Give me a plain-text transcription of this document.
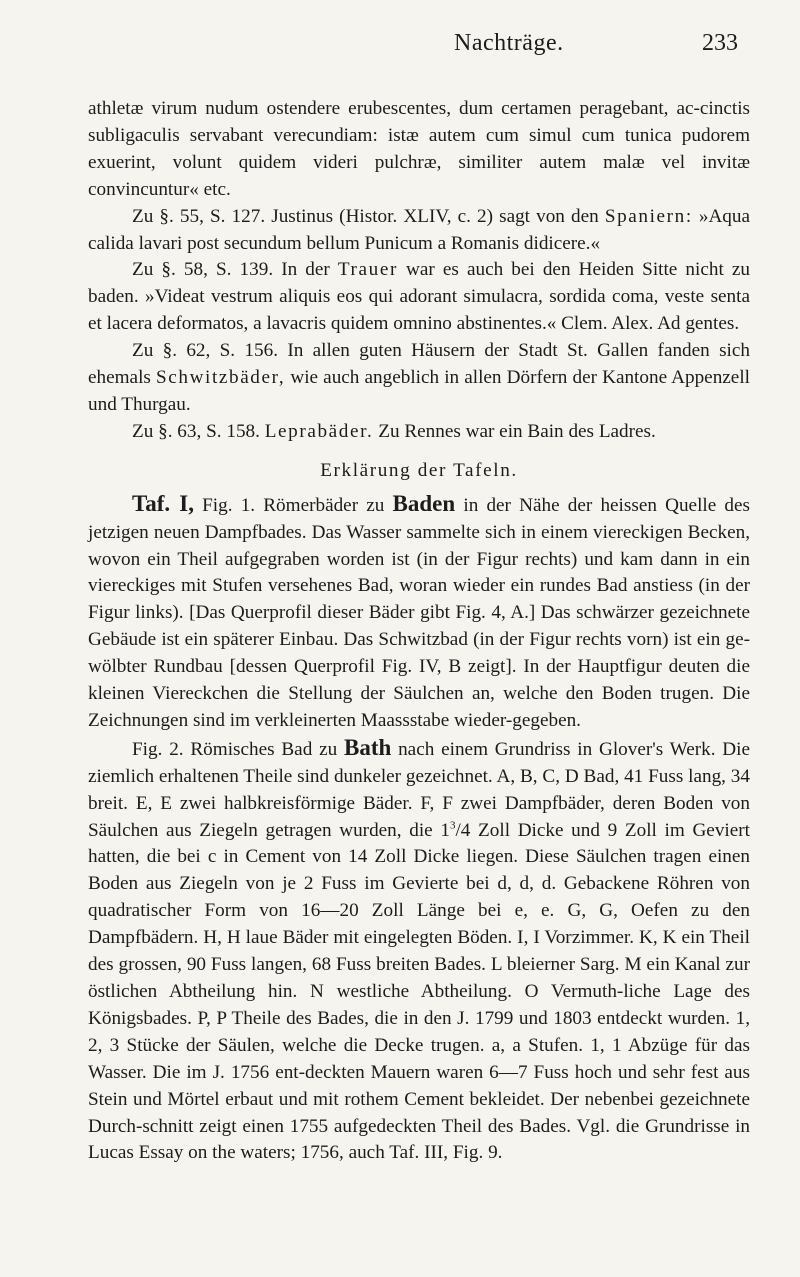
Nachträge.	233

athletæ virum nudum ostendere erubescentes, dum certamen peragebant, ac-cinctis subligaculis servabant verecundiam: istæ autem cum simul cum tunica pudorem exuerint, volunt quidem videri pulchræ, similiter autem malæ vel invitæ convincuntur« etc.

Zu §. 55, S. 127. Justinus (Histor. XLIV, c. 2) sagt von den Spaniern: »Aqua calida lavari post secundum bellum Punicum a Romanis didicere.«

Zu §. 58, S. 139. In der Trauer war es auch bei den Heiden Sitte nicht zu baden. »Videat vestrum aliquis eos qui adorant simulacra, sordida coma, veste senta et lacera deformatos, a lavacris quidem omnino abstinentes.« Clem. Alex. Ad gentes.

Zu §. 62, S. 156. In allen guten Häusern der Stadt St. Gallen fanden sich ehemals Schwitzbäder, wie auch angeblich in allen Dörfern der Kantone Appenzell und Thurgau.

Zu §. 63, S. 158. Leprabäder. Zu Rennes war ein Bain des Ladres.

Erklärung der Tafeln.

Taf. I, Fig. 1. Römerbäder zu Baden in der Nähe der heissen Quelle des jetzigen neuen Dampfbades. Das Wasser sammelte sich in einem viereckigen Becken, wovon ein Theil aufgegraben worden ist (in der Figur rechts) und kam dann in ein viereckiges mit Stufen versehenes Bad, woran wieder ein rundes Bad anstiess (in der Figur links). [Das Querprofil dieser Bäder gibt Fig. 4, A.] Das schwärzer gezeichnete Gebäude ist ein späterer Einbau. Das Schwitzbad (in der Figur rechts vorn) ist ein ge-wölbter Rundbau [dessen Querprofil Fig. IV, B zeigt]. In der Hauptfigur deuten die kleinen Viereckchen die Stellung der Säulchen an, welche den Boden trugen. Die Zeichnungen sind im verkleinerten Maassstabe wieder-gegeben.

Fig. 2. Römisches Bad zu Bath nach einem Grundriss in Glover's Werk. Die ziemlich erhaltenen Theile sind dunkeler gezeichnet. A, B, C, D Bad, 41 Fuss lang, 34 breit. E, E zwei halbkreisförmige Bäder. F, F zwei Dampfbäder, deren Boden von Säulchen aus Ziegeln getragen wurden, die $1^3/4$ Zoll Dicke und 9 Zoll im Geviert hatten, die bei c in Cement von 14 Zoll Dicke liegen. Diese Säulchen tragen einen Boden aus Ziegeln von je 2 Fuss im Gevierte bei d, d, d. Gebackene Röhren von quadratischer Form von 16—20 Zoll Länge bei e, e. G, G, Oefen zu den Dampfbädern. H, H laue Bäder mit eingelegten Böden. I, I Vorzimmer. K, K ein Theil des grossen, 90 Fuss langen, 68 Fuss breiten Bades. L bleierner Sarg. M ein Kanal zur östlichen Abtheilung hin. N westliche Abtheilung. O Vermuth-liche Lage des Königsbades. P, P Theile des Bades, die in den J. 1799 und 1803 entdeckt wurden. 1, 2, 3 Stücke der Säulen, welche die Decke trugen. a, a Stufen. 1, 1 Abzüge für das Wasser. Die im J. 1756 ent-deckten Mauern waren 6—7 Fuss hoch und sehr fest aus Stein und Mörtel erbaut und mit rothem Cement bekleidet. Der nebenbei gezeichnete Durch-schnitt zeigt einen 1755 aufgedeckten Theil des Bades. Vgl. die Grundrisse in Lucas Essay on the waters; 1756, auch Taf. III, Fig. 9.
